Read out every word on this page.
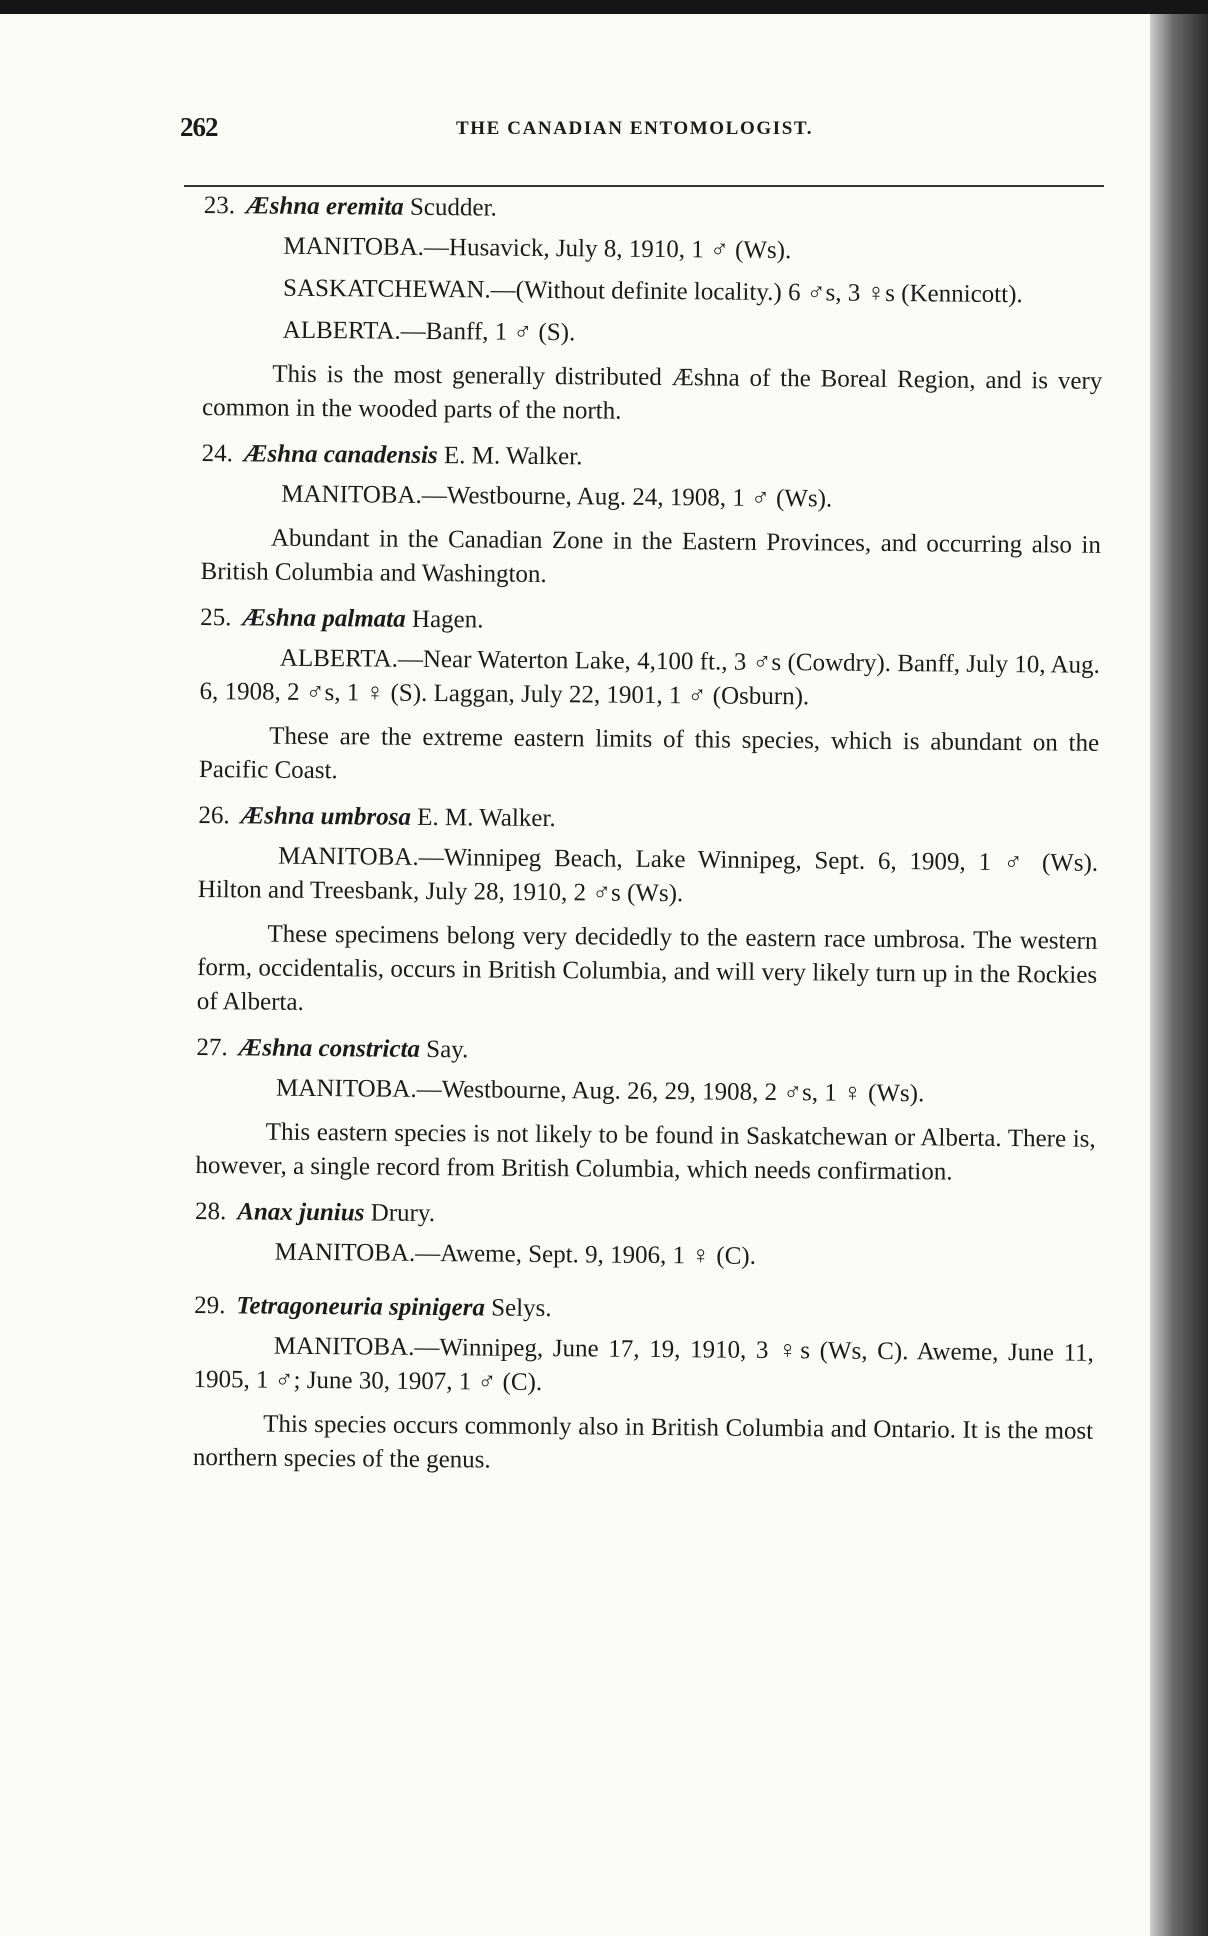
262	THE CANADIAN ENTOMOLOGIST.

23. Æshna eremita Scudder.

MANITOBA.—Husavick, July 8, 1910, 1 ♂ (Ws).

SASKATCHEWAN.—(Without definite locality.) 6 ♂s, 3 ♀s (Kennicott).

ALBERTA.—Banff, 1 ♂ (S).

This is the most generally distributed Æshna of the Boreal Region, and is very common in the wooded parts of the north.

24. Æshna canadensis E. M. Walker.

MANITOBA.—Westbourne, Aug. 24, 1908, 1 ♂ (Ws).

Abundant in the Canadian Zone in the Eastern Provinces, and occurring also in British Columbia and Washington.

25. Æshna palmata Hagen.

ALBERTA.—Near Waterton Lake, 4,100 ft., 3 ♂s (Cowdry). Banff, July 10, Aug. 6, 1908, 2 ♂s, 1 ♀ (S). Laggan, July 22, 1901, 1 ♂ (Osburn).

These are the extreme eastern limits of this species, which is abundant on the Pacific Coast.

26. Æshna umbrosa E. M. Walker.

MANITOBA.—Winnipeg Beach, Lake Winnipeg, Sept. 6, 1909, 1 ♂ (Ws). Hilton and Treesbank, July 28, 1910, 2 ♂s (Ws).

These specimens belong very decidedly to the eastern race umbrosa. The western form, occidentalis, occurs in British Columbia, and will very likely turn up in the Rockies of Alberta.

27. Æshna constricta Say.

MANITOBA.—Westbourne, Aug. 26, 29, 1908, 2 ♂s, 1 ♀ (Ws).

This eastern species is not likely to be found in Saskatchewan or Alberta. There is, however, a single record from British Columbia, which needs confirmation.

28. Anax junius Drury.

MANITOBA.—Aweme, Sept. 9, 1906, 1 ♀ (C).

29. Tetragoneuria spinigera Selys.

MANITOBA.—Winnipeg, June 17, 19, 1910, 3 ♀s (Ws, C). Aweme, June 11, 1905, 1 ♂; June 30, 1907, 1 ♂ (C).

This species occurs commonly also in British Columbia and Ontario. It is the most northern species of the genus.
